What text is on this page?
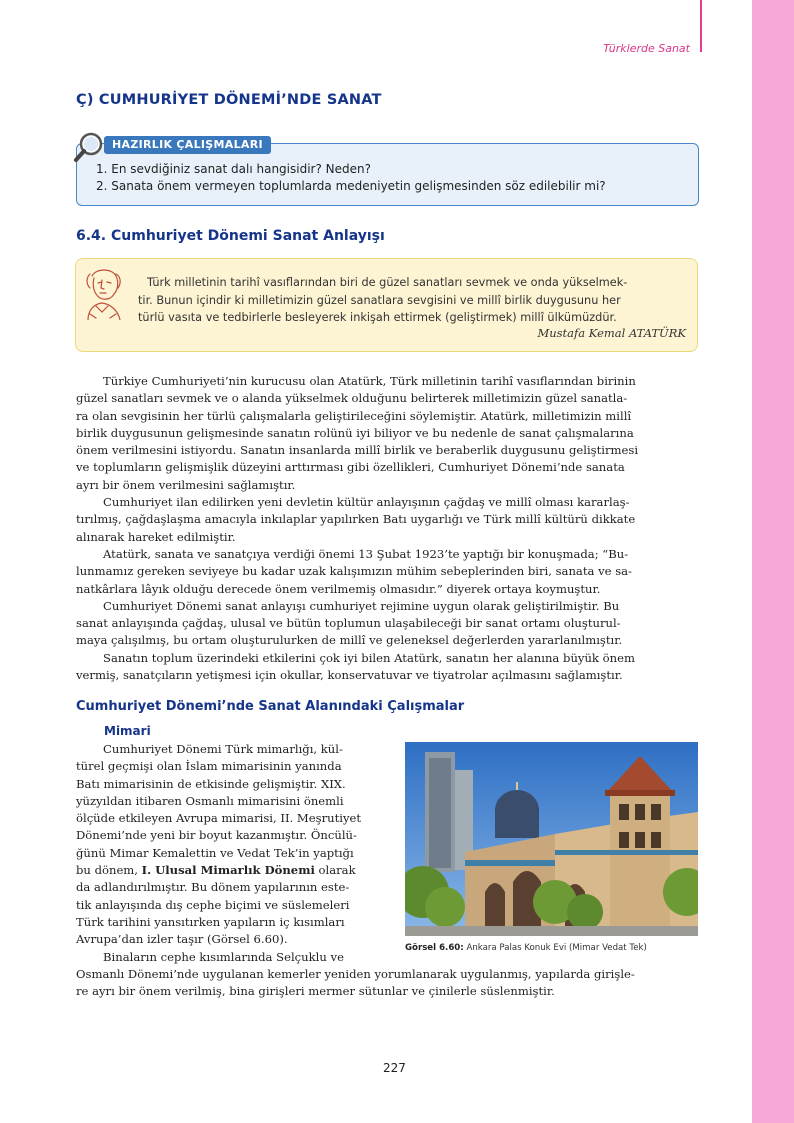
Türklerde Sanat
Ç) CUMHURİYET DÖNEMİ’NDE SANAT
HAZIRLIK ÇALIŞMALARI
1. En sevdiğiniz sanat dalı hangisidir? Neden?
2. Sanata önem vermeyen toplumlarda medeniyetin gelişmesinden söz edilebilir mi?
6.4. Cumhuriyet Dönemi Sanat Anlayışı
Türk milletinin tarihî vasıflarından biri de güzel sanatları sevmek ve onda yükselmek-
tir. Bunun içindir ki milletimizin güzel sanatlara sevgisini ve millî birlik duygusunu her
türlü vasıta ve tedbirlerle besleyerek inkişah ettirmek (geliştirmek) millî ülkümüzdür.
Mustafa Kemal ATATÜRK
Türkiye Cumhuriyeti’nin kurucusu olan Atatürk, Türk milletinin tarihî vasıflarından birinin
güzel sanatları sevmek ve o alanda yükselmek olduğunu belirterek milletimizin güzel sanatla-
ra olan sevgisinin her türlü çalışmalarla geliştirileceğini söylemiştir. Atatürk, milletimizin millî
birlik duygusunun gelişmesinde sanatın rolünü iyi biliyor ve bu nedenle de sanat çalışmalarına
önem verilmesini istiyordu. Sanatın insanlarda millî birlik ve beraberlik duygusunu geliştirmesi
ve toplumların gelişmişlik düzeyini arttırması gibi özellikleri, Cumhuriyet Dönemi’nde sanata
ayrı bir önem verilmesini sağlamıştır.
Cumhuriyet ilan edilirken yeni devletin kültür anlayışının çağdaş ve millî olması kararlaş-
tırılmış, çağdaşlaşma amacıyla inkılaplar yapılırken Batı uygarlığı ve Türk millî kültürü dikkate
alınarak hareket edilmiştir.
Atatürk, sanata ve sanatçıya verdiği önemi 13 Şubat 1923’te yaptığı bir konuşmada; “Bu-
lunmamız gereken seviyeye bu kadar uzak kalışımızın mühim sebeplerinden biri, sanata ve sa-
natkârlara lâyık olduğu derecede önem verilmemiş olmasıdır.” diyerek ortaya koymuştur.
Cumhuriyet Dönemi sanat anlayışı cumhuriyet rejimine uygun olarak geliştirilmiştir. Bu
sanat anlayışında çağdaş, ulusal ve bütün toplumun ulaşabileceği bir sanat ortamı oluşturul-
maya çalışılmış, bu ortam oluşturulurken de millî ve geleneksel değerlerden yararlanılmıştır.
Sanatın toplum üzerindeki etkilerini çok iyi bilen Atatürk, sanatın her alanına büyük önem
vermiş, sanatçıların yetişmesi için okullar, konservatuvar ve tiyatrolar açılmasını sağlamıştır.
Cumhuriyet Dönemi’nde Sanat Alanındaki Çalışmalar
Mimari
Cumhuriyet Dönemi Türk mimarlığı, kül-
türel geçmişi olan İslam mimarisinin yanında
Batı mimarisinin de etkisinde gelişmiştir. XIX.
yüzyıldan itibaren Osmanlı mimarisini önemli
ölçüde etkileyen Avrupa mimarisi, II. Meşrutiyet
Dönemi’nde yeni bir boyut kazanmıştır. Öncülü-
ğünü Mimar Kemalettin ve Vedat Tek’in yaptığı
bu dönem, I. Ulusal Mimarlık Dönemi olarak
da adlandırılmıştır. Bu dönem yapılarının este-
tik anlayışında dış cephe biçimi ve süslemeleri
Türk tarihini yansıtırken yapıların iç kısımları
Avrupa’dan izler taşır (Görsel 6.60).
Binaların cephe kısımlarında Selçuklu ve
Osmanlı Dönemi’nde uygulanan kemerler yeniden yorumlanarak uygulanmış, yapılarda girişle-
re ayrı bir önem verilmiş, bina girişleri mermer sütunlar ve çinilerle süslenmiştir.
Görsel 6.60: Ankara Palas Konuk Evi (Mimar Vedat Tek)
227
